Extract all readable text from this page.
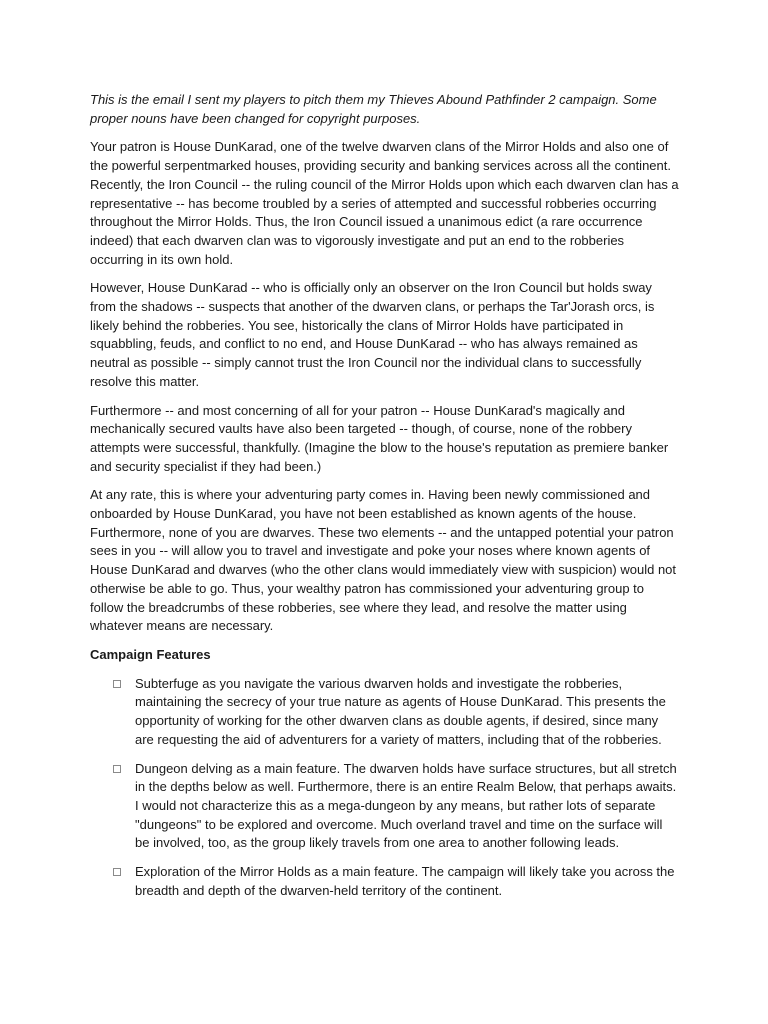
This is the email I sent my players to pitch them my Thieves Abound Pathfinder 2 campaign. Some proper nouns have been changed for copyright purposes.

Your patron is House DunKarad, one of the twelve dwarven clans of the Mirror Holds and also one of the powerful serpentmarked houses, providing security and banking services across all the continent. Recently, the Iron Council -- the ruling council of the Mirror Holds upon which each dwarven clan has a representative -- has become troubled by a series of attempted and successful robberies occurring throughout the Mirror Holds. Thus, the Iron Council issued a unanimous edict (a rare occurrence indeed) that each dwarven clan was to vigorously investigate and put an end to the robberies occurring in its own hold.

However, House DunKarad -- who is officially only an observer on the Iron Council but holds sway from the shadows -- suspects that another of the dwarven clans, or perhaps the Tar'Jorash orcs, is likely behind the robberies. You see, historically the clans of Mirror Holds have participated in squabbling, feuds, and conflict to no end, and House DunKarad -- who has always remained as neutral as possible -- simply cannot trust the Iron Council nor the individual clans to successfully resolve this matter.

Furthermore -- and most concerning of all for your patron -- House DunKarad's magically and mechanically secured vaults have also been targeted -- though, of course, none of the robbery attempts were successful, thankfully. (Imagine the blow to the house's reputation as premiere banker and security specialist if they had been.)

At any rate, this is where your adventuring party comes in. Having been newly commissioned and onboarded by House DunKarad, you have not been established as known agents of the house. Furthermore, none of you are dwarves. These two elements -- and the untapped potential your patron sees in you -- will allow you to travel and investigate and poke your noses where known agents of House DunKarad and dwarves (who the other clans would immediately view with suspicion) would not otherwise be able to go. Thus, your wealthy patron has commissioned your adventuring group to follow the breadcrumbs of these robberies, see where they lead, and resolve the matter using whatever means are necessary.

Campaign Features
Subterfuge as you navigate the various dwarven holds and investigate the robberies, maintaining the secrecy of your true nature as agents of House DunKarad. This presents the opportunity of working for the other dwarven clans as double agents, if desired, since many are requesting the aid of adventurers for a variety of matters, including that of the robberies.
Dungeon delving as a main feature. The dwarven holds have surface structures, but all stretch in the depths below as well. Furthermore, there is an entire Realm Below, that perhaps awaits. I would not characterize this as a mega-dungeon by any means, but rather lots of separate "dungeons" to be explored and overcome. Much overland travel and time on the surface will be involved, too, as the group likely travels from one area to another following leads.
Exploration of the Mirror Holds as a main feature. The campaign will likely take you across the breadth and depth of the dwarven-held territory of the continent.
